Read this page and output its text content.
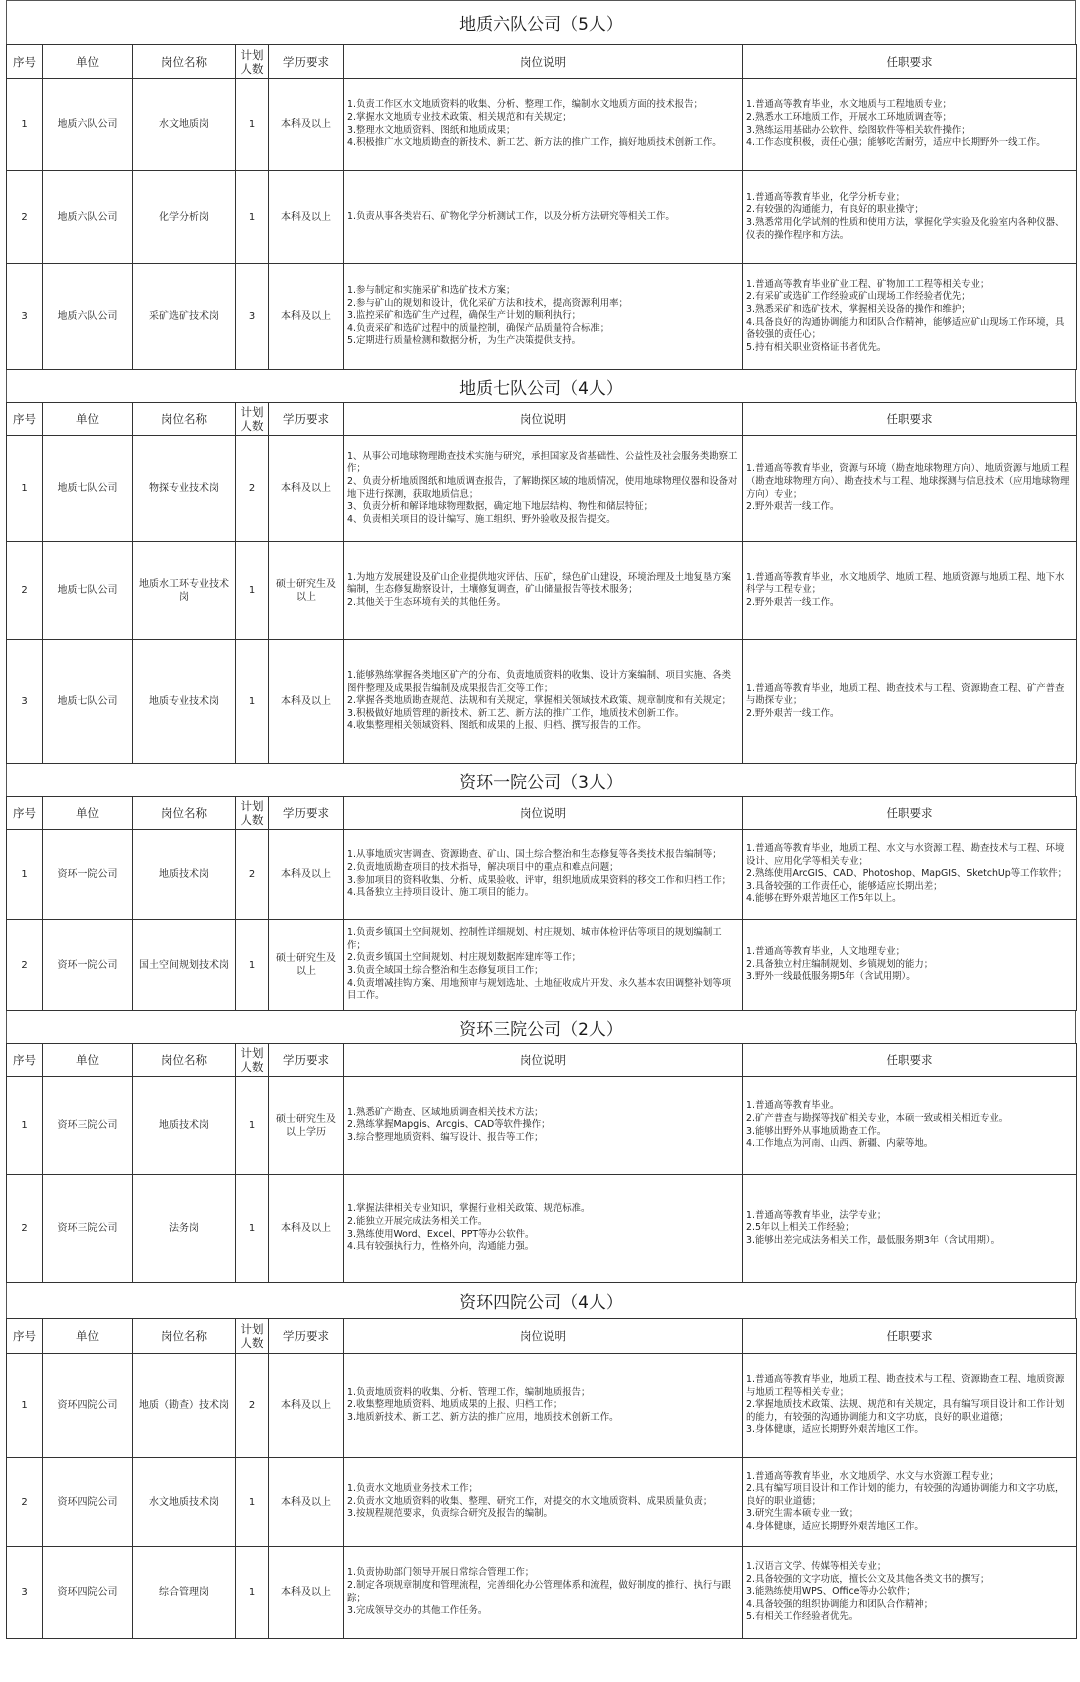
地质六队公司（5人）
序号	单位	岗位名称	计划人数	学历要求	岗位说明	任职要求
1	地质六队公司	水文地质岗	1	本科及以上	1.负责工作区水文地质资料的收集、分析、整理工作，编制水文地质方面的技术报告；
2.掌握水文地质专业技术政策、相关规范和有关规定；
3.整理水文地质资料、图纸和地质成果；
4.积极推广水文地质勘查的新技术、新工艺、新方法的推广工作，搞好地质技术创新工作。	1.普通高等教育毕业，水文地质与工程地质专业；
2.熟悉水工环地质工作，开展水工环地质调查等；
3.熟练运用基础办公软件、绘图软件等相关软件操作；
4.工作态度积极，责任心强；能够吃苦耐劳，适应中长期野外一线工作。
2	地质六队公司	化学分析岗	1	本科及以上	1.负责从事各类岩石、矿物化学分析测试工作，以及分析方法研究等相关工作。	1.普通高等教育毕业，化学分析专业；
2.有较强的沟通能力，有良好的职业操守；
3.熟悉常用化学试剂的性质和使用方法，掌握化学实验及化验室内各种仪器、仪表的操作程序和方法。
3	地质六队公司	采矿选矿技术岗	3	本科及以上	1.参与制定和实施采矿和选矿技术方案；
2.参与矿山的规划和设计，优化采矿方法和技术，提高资源利用率；
3.监控采矿和选矿生产过程，确保生产计划的顺利执行；
4.负责采矿和选矿过程中的质量控制，确保产品质量符合标准；
5.定期进行质量检测和数据分析，为生产决策提供支持。	1.普通高等教育毕业矿业工程、矿物加工工程等相关专业；
2.有采矿或选矿工作经验或矿山现场工作经验者优先；
3.熟悉采矿和选矿技术，掌握相关设备的操作和维护；
4.具备良好的沟通协调能力和团队合作精神，能够适应矿山现场工作环境，具备较强的责任心；
5.持有相关职业资格证书者优先。
地质七队公司（4人）
序号	单位	岗位名称	计划人数	学历要求	岗位说明	任职要求
1	地质七队公司	物探专业技术岗	2	本科及以上	1、从事公司地球物理勘查技术实施与研究，承担国家及省基础性、公益性及社会服务类勘察工作；
2、负责分析地质图纸和地质调查报告，了解勘探区域的地质情况，使用地球物理仪器和设备对地下进行探测，获取地质信息；
3、负责分析和解译地球物理数据，确定地下地层结构、物性和储层特征；
4、负责相关项目的设计编写、施工组织、野外验收及报告提交。	1.普通高等教育毕业，资源与环境（勘查地球物理方向）、地质资源与地质工程（勘查地球物理方向）、勘查技术与工程、地球探测与信息技术（应用地球物理方向）专业；
2.野外艰苦一线工作。
2	地质七队公司	地质水工环专业技术岗	1	硕士研究生及以上	1.为地方发展建设及矿山企业提供地灾评估、压矿，绿色矿山建设，环境治理及土地复垦方案编制，生态修复勘察设计，土壤修复调查，矿山储量报告等技术服务；
2.其他关于生态环境有关的其他任务。	1.普通高等教育毕业，水文地质学、地质工程、地质资源与地质工程、地下水科学与工程专业；
2.野外艰苦一线工作。
3	地质七队公司	地质专业技术岗	1	本科及以上	1.能够熟练掌握各类地区矿产的分布、负责地质资料的收集、设计方案编制、项目实施、各类图件整理及成果报告编制及成果报告汇交等工作；
2.掌握各类地质勘查规范、法规和有关规定，掌握相关领域技术政策、规章制度和有关规定；
3.积极做好地质管理的新技术、新工艺、新方法的推广工作，地质技术创新工作。
4.收集整理相关领域资料、图纸和成果的上报、归档、撰写报告的工作。	1.普通高等教育毕业，地质工程、勘查技术与工程、资源勘查工程、矿产普查与勘探专业；
2.野外艰苦一线工作。
资环一院公司（3人）
序号	单位	岗位名称	计划人数	学历要求	岗位说明	任职要求
1	资环一院公司	地质技术岗	2	本科及以上	1.从事地质灾害调查、资源勘查、矿山、国土综合整治和生态修复等各类技术报告编制等；
2.负责地质勘查项目的技术指导，解决项目中的重点和难点问题；
3.参加项目的资料收集、分析、成果验收、评审，组织地质成果资料的移交工作和归档工作；
4.具备独立主持项目设计、施工项目的能力。	1.普通高等教育毕业，地质工程、水文与水资源工程、勘查技术与工程、环境设计、应用化学等相关专业；
2.熟练使用ArcGIS、CAD、Photoshop、MapGIS、SketchUp等工作软件；
3.具备较强的工作责任心，能够适应长期出差；
4.能够在野外艰苦地区工作5年以上。
2	资环一院公司	国土空间规划技术岗	1	硕士研究生及以上	1.负责乡镇国土空间规划、控制性详细规划、村庄规划、城市体检评估等项目的规划编制工作；
2.负责乡镇国土空间规划、村庄规划数据库建库等工作；
3.负责全域国土综合整治和生态修复项目工作；
4.负责增减挂钩方案、用地预审与规划选址、土地征收成片开发、永久基本农田调整补划等项目工作。	1.普通高等教育毕业，人文地理专业；
2.具备独立村庄编制规划、乡镇规划的能力；
3.野外一线最低服务期5年（含试用期）。
资环三院公司（2人）
序号	单位	岗位名称	计划人数	学历要求	岗位说明	任职要求
1	资环三院公司	地质技术岗	1	硕士研究生及以上学历	1.熟悉矿产勘查、区域地质调查相关技术方法；
2.熟练掌握Mapgis、Arcgis、CAD等软件操作；
3.综合整理地质资料、编写设计、报告等工作；	1.普通高等教育毕业。
2.矿产普查与勘探等找矿相关专业，本硕一致或相关相近专业。
3.能够出野外从事地质勘查工作。
4.工作地点为河南、山西、新疆、内蒙等地。
2	资环三院公司	法务岗	1	本科及以上	1.掌握法律相关专业知识，掌握行业相关政策、规范标准。
2.能独立开展完成法务相关工作。
3.熟练使用Word、Excel、PPT等办公软件。
4.具有较强执行力，性格外向，沟通能力强。	1.普通高等教育毕业，法学专业；
2.5年以上相关工作经验；
3.能够出差完成法务相关工作，最低服务期3年（含试用期）。
资环四院公司（4人）
序号	单位	岗位名称	计划人数	学历要求	岗位说明	任职要求
1	资环四院公司	地质（勘查）技术岗	2	本科及以上	1.负责地质资料的收集、分析、管理工作，编制地质报告；
2.收集整理地质资料、地质成果的上报、归档工作；
3.地质新技术、新工艺、新方法的推广应用，地质技术创新工作。	1.普通高等教育毕业，地质工程、勘查技术与工程、资源勘查工程、地质资源与地质工程等相关专业；
2.掌握地质技术政策、法规、规范和有关规定，具有编写项目设计和工作计划的能力，有较强的沟通协调能力和文字功底，良好的职业道德；
3.身体健康，适应长期野外艰苦地区工作。
2	资环四院公司	水文地质技术岗	1	本科及以上	1.负责水文地质业务技术工作；
2.负责水文地质资料的收集、整理、研究工作，对提交的水文地质资料、成果质量负责；
3.按规程规范要求，负责综合研究及报告的编制。	1.普通高等教育毕业，水文地质学、水文与水资源工程专业；
2.具有编写项目设计和工作计划的能力，有较强的沟通协调能力和文字功底，良好的职业道德；
3.研究生需本硕专业一致；
4.身体健康，适应长期野外艰苦地区工作。
3	资环四院公司	综合管理岗	1	本科及以上	1.负责协助部门领导开展日常综合管理工作；
2.制定各项规章制度和管理流程，完善细化办公管理体系和流程，做好制度的推行、执行与跟踪；
3.完成领导交办的其他工作任务。	1.汉语言文学、传媒等相关专业；
2.具备较强的文字功底，擅长公文及其他各类文书的撰写；
3.能熟练使用WPS、Office等办公软件；
4.具备较强的组织协调能力和团队合作精神；
5.有相关工作经验者优先。
